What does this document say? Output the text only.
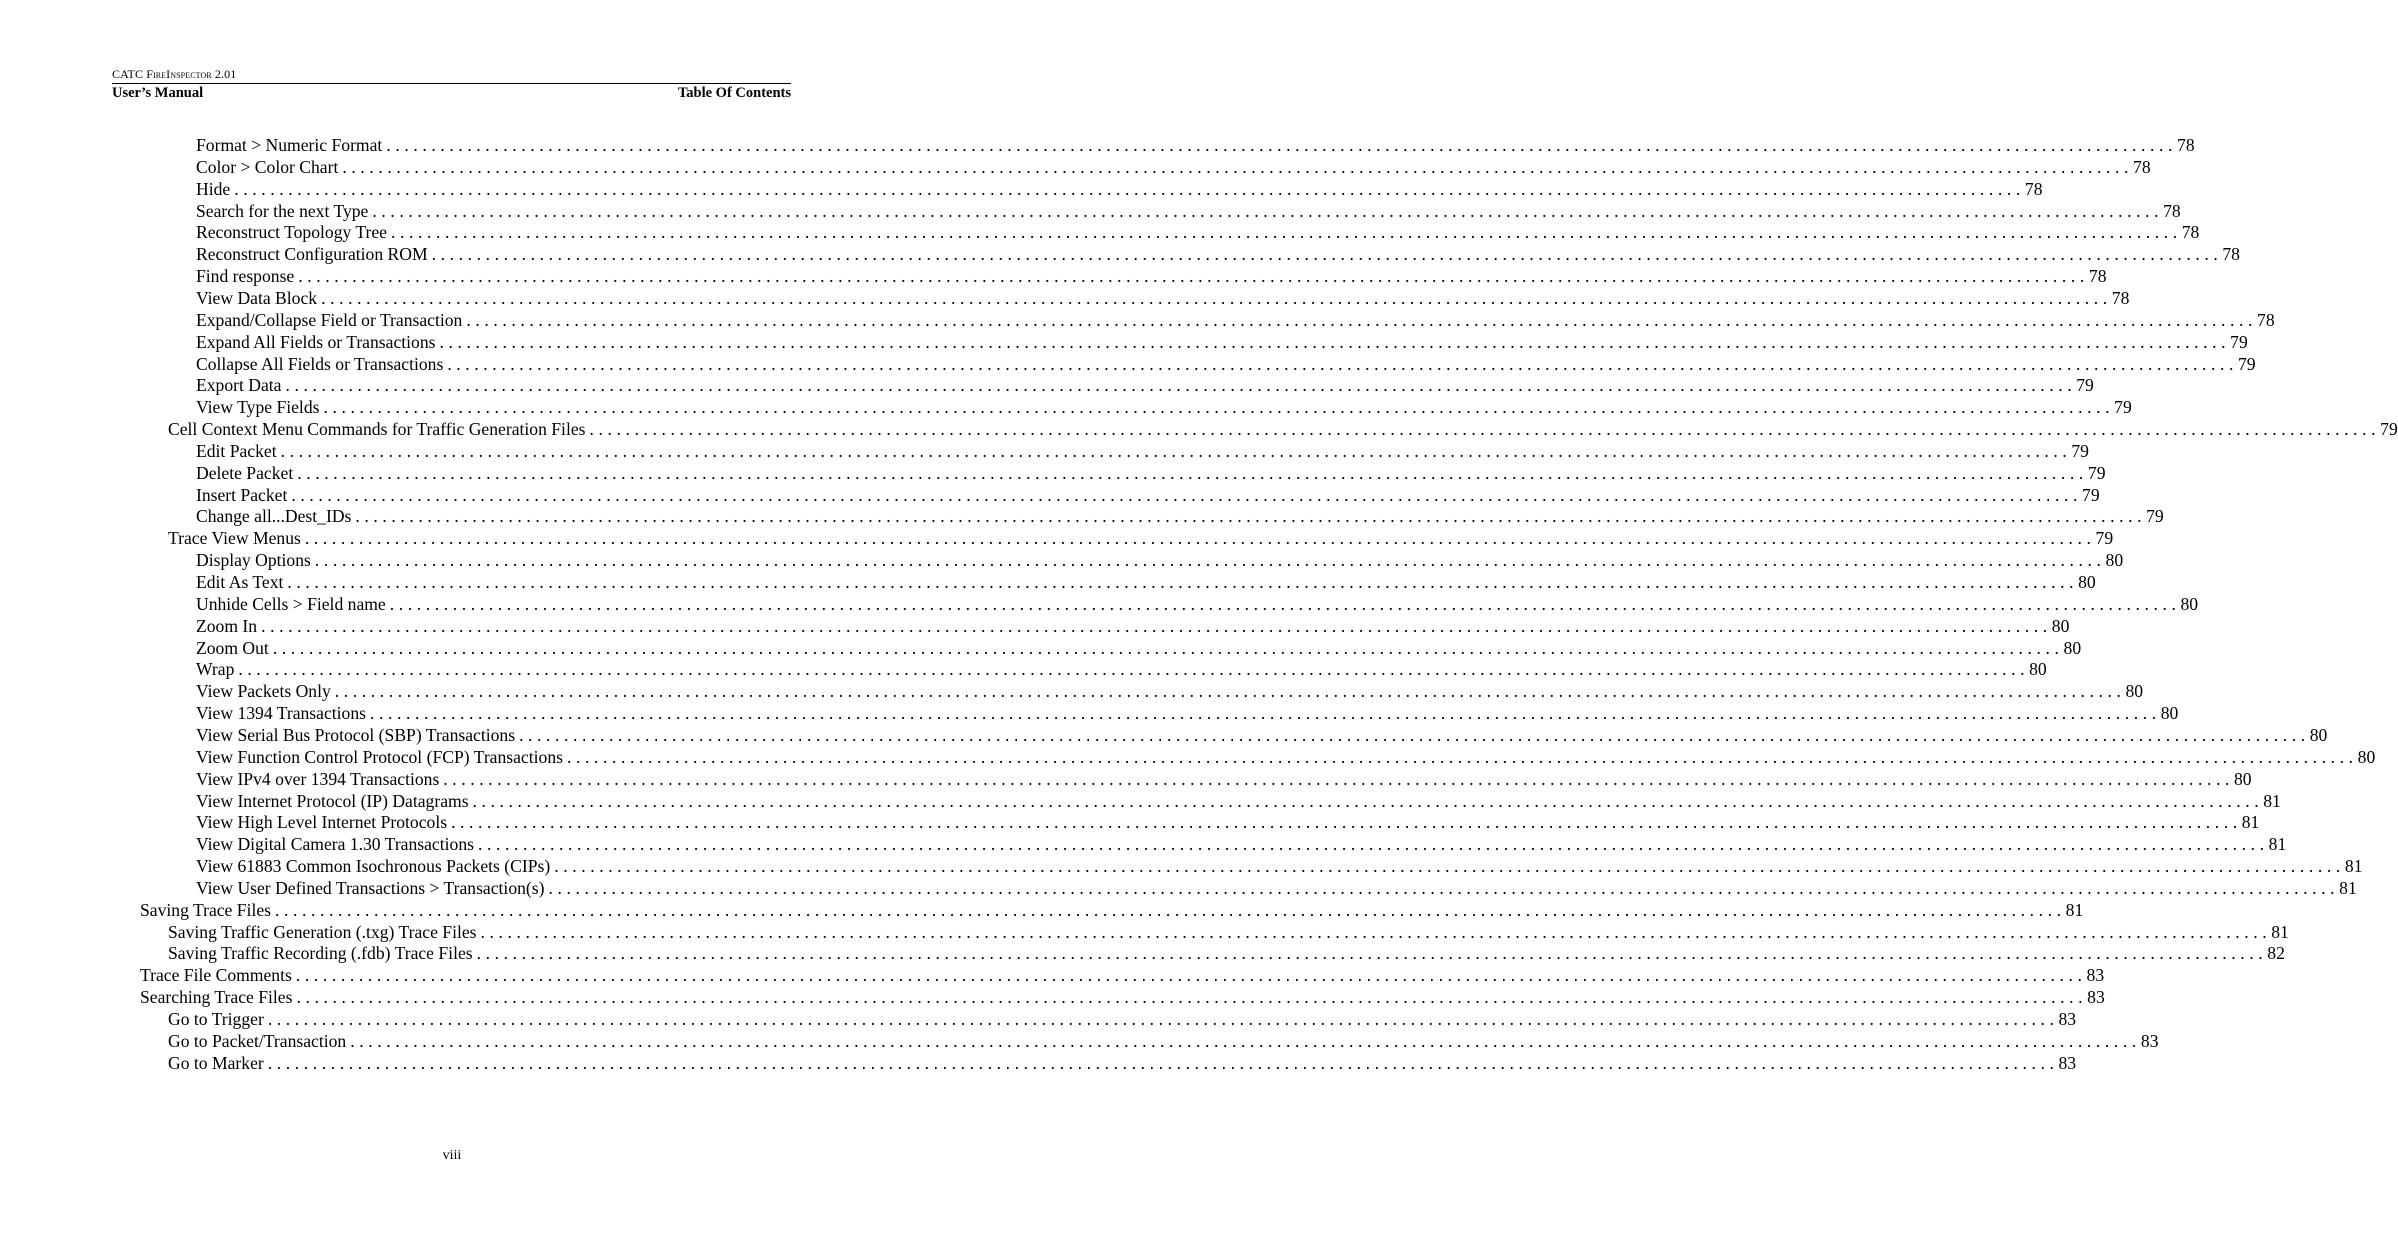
CATC FireInspector 2.01
User’s Manual	Table Of Contents
Format > Numeric Format ....................................................................................................................................................................................................... 78
Color > Color Chart ....................................................................................................................................................................................................... 78
Hide ....................................................................................................................................................................................................... 78
Search for the next Type ....................................................................................................................................................................................................... 78
Reconstruct Topology Tree ....................................................................................................................................................................................................... 78
Reconstruct Configuration ROM ....................................................................................................................................................................................................... 78
Find response ....................................................................................................................................................................................................... 78
View Data Block ....................................................................................................................................................................................................... 78
Expand/Collapse Field or Transaction ....................................................................................................................................................................................................... 78
Expand All Fields or Transactions ....................................................................................................................................................................................................... 79
Collapse All Fields or Transactions ....................................................................................................................................................................................................... 79
Export Data ....................................................................................................................................................................................................... 79
View Type Fields ....................................................................................................................................................................................................... 79
Cell Context Menu Commands for Traffic Generation Files ....................................................................................................................................................................................................... 79
Edit Packet ....................................................................................................................................................................................................... 79
Delete Packet ....................................................................................................................................................................................................... 79
Insert Packet ....................................................................................................................................................................................................... 79
Change all...Dest_IDs ....................................................................................................................................................................................................... 79
Trace View Menus ....................................................................................................................................................................................................... 79
Display Options ....................................................................................................................................................................................................... 80
Edit As Text ....................................................................................................................................................................................................... 80
Unhide Cells > Field name ....................................................................................................................................................................................................... 80
Zoom In ....................................................................................................................................................................................................... 80
Zoom Out ....................................................................................................................................................................................................... 80
Wrap ....................................................................................................................................................................................................... 80
View Packets Only ....................................................................................................................................................................................................... 80
View 1394 Transactions ....................................................................................................................................................................................................... 80
View Serial Bus Protocol (SBP) Transactions ....................................................................................................................................................................................................... 80
View Function Control Protocol (FCP) Transactions ....................................................................................................................................................................................................... 80
View IPv4 over 1394 Transactions ....................................................................................................................................................................................................... 80
View Internet Protocol (IP) Datagrams ....................................................................................................................................................................................................... 81
View High Level Internet Protocols ....................................................................................................................................................................................................... 81
View Digital Camera 1.30 Transactions ....................................................................................................................................................................................................... 81
View 61883 Common Isochronous Packets (CIPs) ....................................................................................................................................................................................................... 81
View User Defined Transactions > Transaction(s) ....................................................................................................................................................................................................... 81
Saving Trace Files ....................................................................................................................................................................................................... 81
Saving Traffic Generation (.txg) Trace Files ....................................................................................................................................................................................................... 81
Saving Traffic Recording (.fdb) Trace Files ....................................................................................................................................................................................................... 82
Trace File Comments ....................................................................................................................................................................................................... 83
Searching Trace Files ....................................................................................................................................................................................................... 83
Go to Trigger ....................................................................................................................................................................................................... 83
Go to Packet/Transaction ....................................................................................................................................................................................................... 83
Go to Marker ....................................................................................................................................................................................................... 83
viii
